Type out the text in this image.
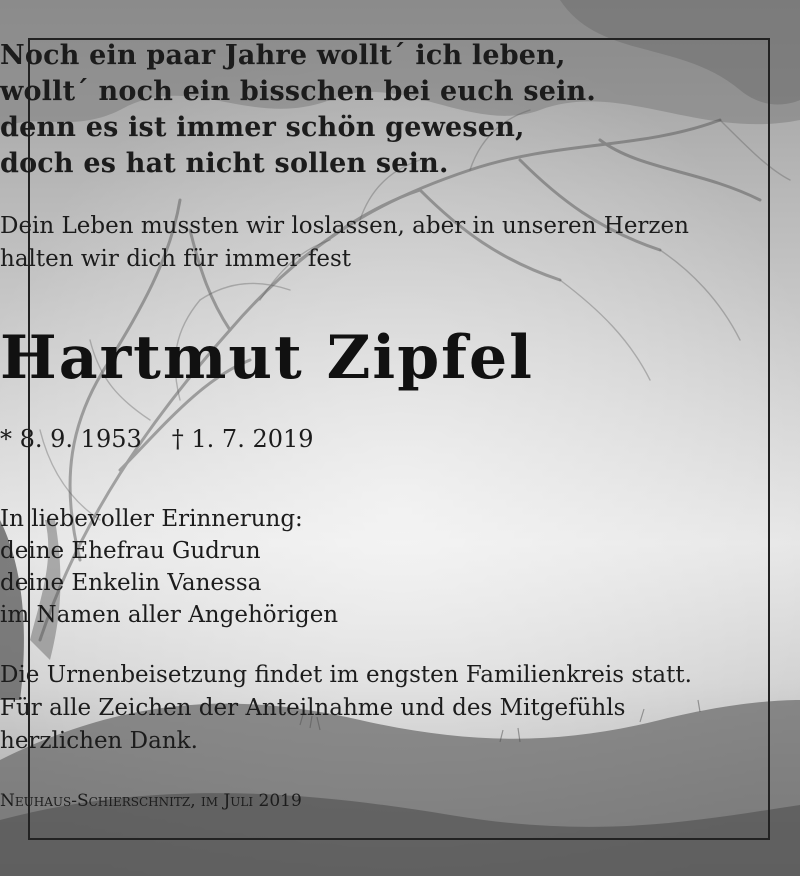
Noch ein paar Jahre wollt´ ich leben,
wollt´ noch ein bisschen bei euch sein.
denn es ist immer schön gewesen,
doch es hat nicht sollen sein.
Dein Leben mussten wir loslassen, aber in unseren Herzen
halten wir dich für immer fest
Hartmut Zipfel
* 8. 9. 1953 † 1. 7. 2019
In liebevoller Erinnerung:
deine Ehefrau Gudrun
deine Enkelin Vanessa
im Namen aller Angehörigen
Die Urnenbeisetzung findet im engsten Familienkreis statt.
Für alle Zeichen der Anteilnahme und des Mitgefühls
herzlichen Dank.
Neuhaus-Schierschnitz, im Juli 2019
